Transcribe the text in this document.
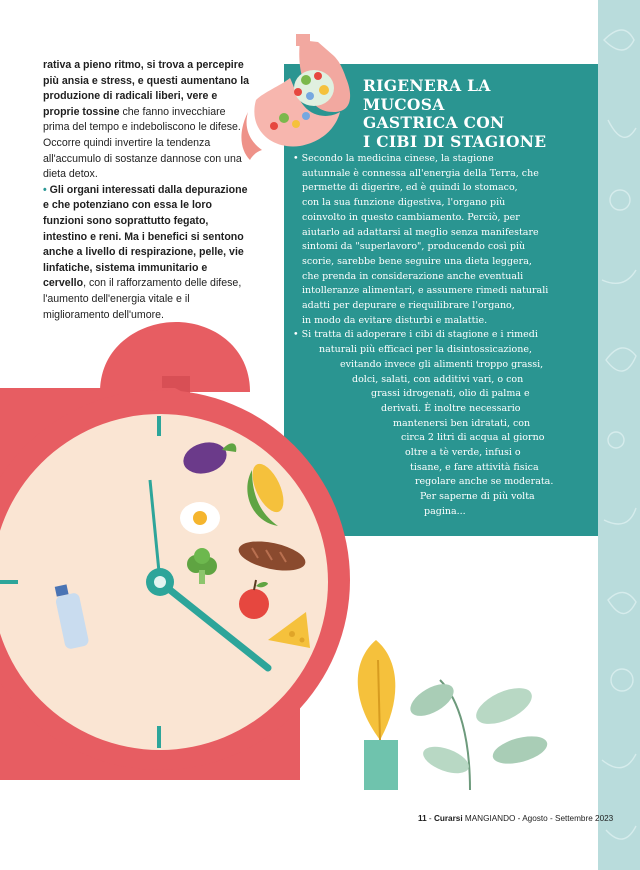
rativa a pieno ritmo, si trova a percepire più ansia e stress, e questi aumentano la produzione di radicali liberi, vere e proprie tossine che fanno invecchiare prima del tempo e indeboliscono le difese. Occorre quindi invertire la tendenza all'accumulo di sostanze dannose con una dieta detox.

• Gli organi interessati dalla depurazione e che potenziano con essa le loro funzioni sono soprattutto fegato, intestino e reni. Ma i benefici si sentono anche a livello di respirazione, pelle, vie linfatiche, sistema immunitario e cervello, con il rafforzamento delle difese, l'aumento dell'energia vitale e il miglioramento dell'umore.

RIGENERA LA MUCOSA
GASTRICA CON
I CIBI DI STAGIONE
• Secondo la medicina cinese, la stagione
autunnale è connessa all'energia della Terra, che
permette di digerire, ed è quindi lo stomaco,
con la sua funzione digestiva, l'organo più
coinvolto in questo cambiamento. Perciò, per
aiutarlo ad adattarsi al meglio senza manifestare
sintomi da "superlavoro", producendo così più
scorie, sarebbe bene seguire una dieta leggera,
che prenda in considerazione anche eventuali
intolleranze alimentari, e assumere rimedi naturali
adatti per depurare e riequilibrare l'organo,
in modo da evitare disturbi e malattie.
• Si tratta di adoperare i cibi di stagione e i rimedi
naturali più efficaci per la disintossicazione,
evitando invece gli alimenti troppo grassi,
dolci, salati, con additivi vari, o con
grassi idrogenati, olio di palma e
derivati. È inoltre necessario
mantenersi ben idratati, con
circa 2 litri di acqua al giorno
oltre a tè verde, infusi o
tisane, e fare attività fisica
regolare anche se moderata.
Per saperne di più volta
pagina...
11 - Curarsi MANGIANDO - Agosto - Settembre 2023
